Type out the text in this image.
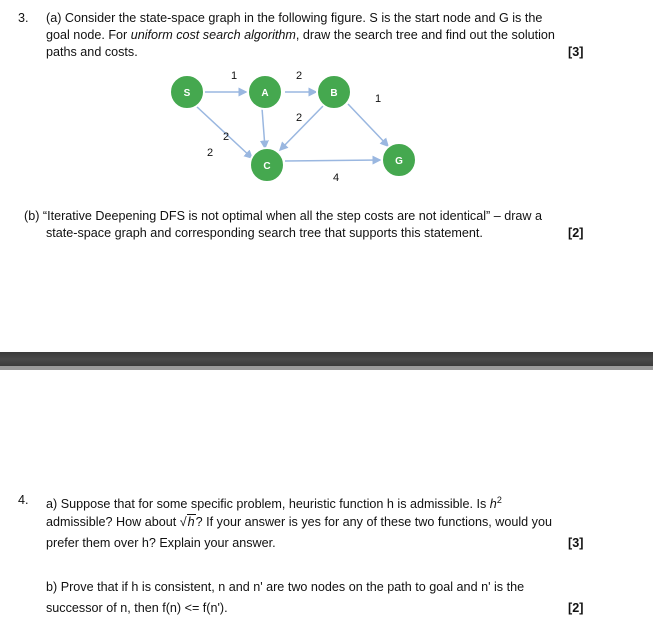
3. (a) Consider the state-space graph in the following figure. S is the start node and G is the
goal node. For uniform cost search algorithm, draw the search tree and find out the solution
paths and costs.	[3]
S	A	B
C	G
1	2
2
2
1
2
4
(b) “Iterative Deepening DFS is not optimal when all the step costs are not identical” – draw a
state-space graph and corresponding search tree that supports this statement.	[2]
4. a) Suppose that for some specific problem, heuristic function h is admissible. Is $h^2$
admissible? How about √h? If your answer is yes for any of these two functions, would you
prefer them over h? Explain your answer.	[3]
b) Prove that if h is consistent, n and n' are two nodes on the path to goal and n' is the
successor of n, then f(n) <= f(n').	[2]
